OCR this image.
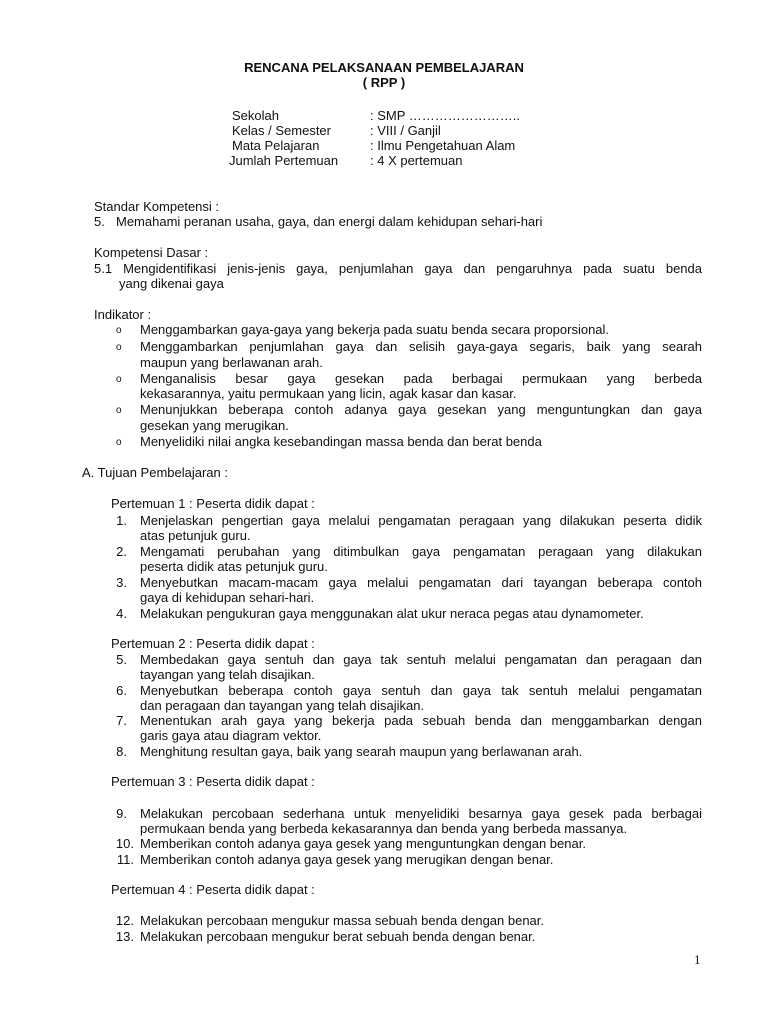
RENCANA PELAKSANAAN PEMBELAJARAN
( RPP )
Sekolah	: SMP ……………………..
Kelas / Semester	: VIII / Ganjil
Mata Pelajaran	: Ilmu Pengetahuan Alam
Jumlah Pertemuan : 4 X pertemuan
Standar Kompetensi :
5. Memahami peranan usaha, gaya, dan energi dalam kehidupan sehari-hari
Kompetensi Dasar :
5.1 Mengidentifikasi jenis-jenis gaya, penjumlahan gaya dan pengaruhnya pada suatu benda
yang dikenai gaya
Indikator :
o Menggambarkan gaya-gaya yang bekerja pada suatu benda secara proporsional.
o Menggambarkan penjumlahan gaya dan selisih gaya-gaya segaris, baik yang searah
maupun yang berlawanan arah.
o Menganalisis besar gaya gesekan pada berbagai permukaan yang berbeda
kekasarannya, yaitu permukaan yang licin, agak kasar dan kasar.
o Menunjukkan beberapa contoh adanya gaya gesekan yang menguntungkan dan gaya
gesekan yang merugikan.
o Menyelidiki nilai angka kesebandingan massa benda dan berat benda
A. Tujuan Pembelajaran :
Pertemuan 1 : Peserta didik dapat :
1. Menjelaskan pengertian gaya melalui pengamatan peragaan yang dilakukan peserta didik
atas petunjuk guru.
2. Mengamati perubahan yang ditimbulkan gaya pengamatan peragaan yang dilakukan
peserta didik atas petunjuk guru.
3. Menyebutkan macam-macam gaya melalui pengamatan dari tayangan beberapa contoh
gaya di kehidupan sehari-hari.
4. Melakukan pengukuran gaya menggunakan alat ukur neraca pegas atau dynamometer.
Pertemuan 2 : Peserta didik dapat :
5. Membedakan gaya sentuh dan gaya tak sentuh melalui pengamatan dan peragaan dan
tayangan yang telah disajikan.
6. Menyebutkan beberapa contoh gaya sentuh dan gaya tak sentuh melalui pengamatan
dan peragaan dan tayangan yang telah disajikan.
7. Menentukan arah gaya yang bekerja pada sebuah benda dan menggambarkan dengan
garis gaya atau diagram vektor.
8. Menghitung resultan gaya, baik yang searah maupun yang berlawanan arah.
Pertemuan 3 : Peserta didik dapat :
9. Melakukan percobaan sederhana untuk menyelidiki besarnya gaya gesek pada berbagai
permukaan benda yang berbeda kekasarannya dan benda yang berbeda massanya.
10. Memberikan contoh adanya gaya gesek yang menguntungkan dengan benar.
11. Memberikan contoh adanya gaya gesek yang merugikan dengan benar.
Pertemuan 4 : Peserta didik dapat :
12. Melakukan percobaan mengukur massa sebuah benda dengan benar.
13. Melakukan percobaan mengukur berat sebuah benda dengan benar.
1
